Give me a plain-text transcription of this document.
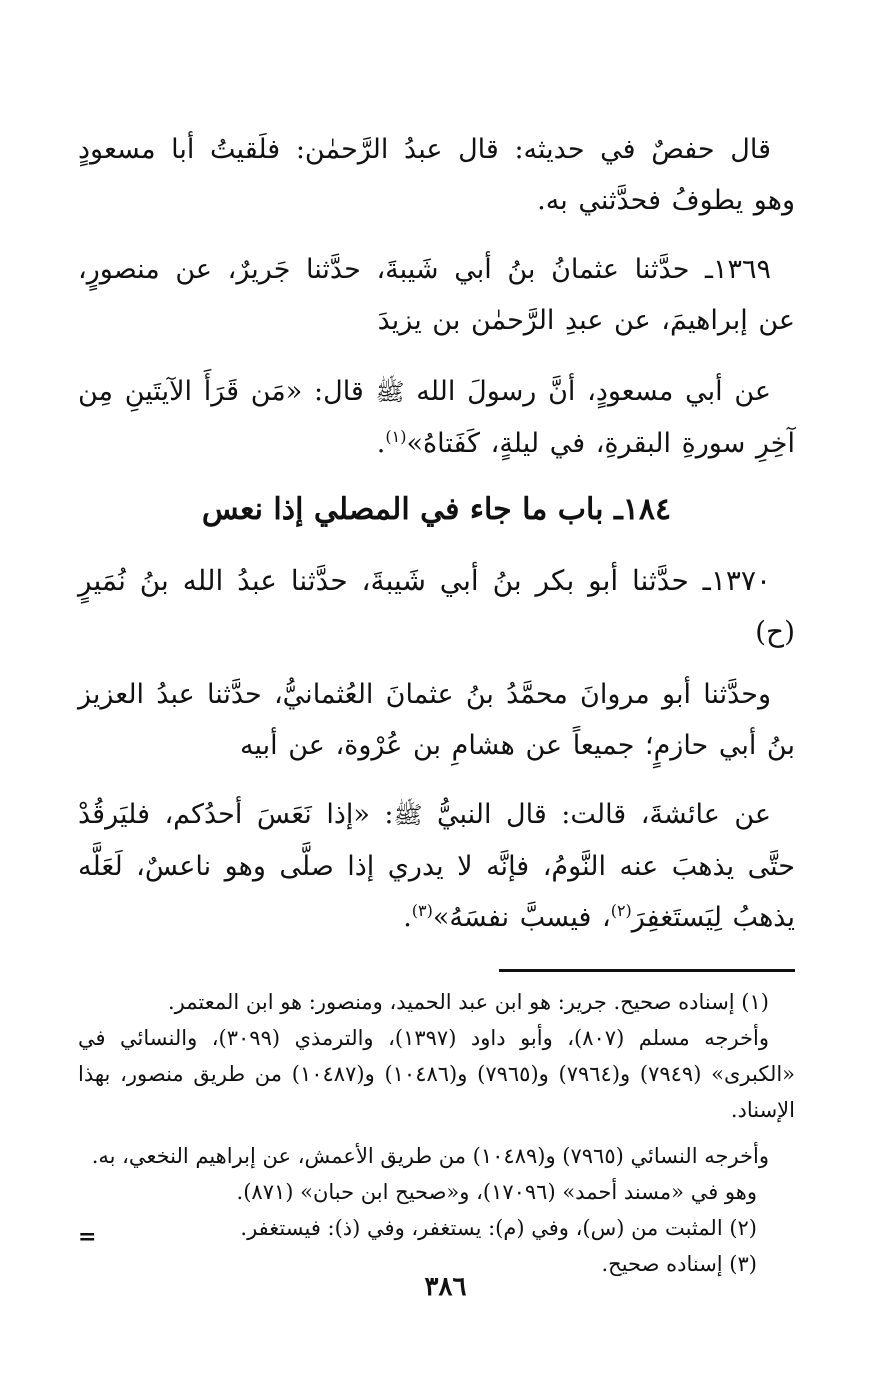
قال حفصٌ في حديثه: قال عبدُ الرَّحمٰن: فلَقيتُ أبا مسعودٍ وهو يطوفُ فحدَّثني به.

١٣٦٩ـ حدَّثنا عثمانُ بنُ أبي شَيبةَ، حدَّثنا جَريرٌ، عن منصورٍ، عن إبراهيمَ، عن عبدِ الرَّحمٰن بن يزيدَ

عن أبي مسعودٍ، أنَّ رسولَ الله ﷺ قال: «مَن قَرَأَ الآيتَينِ مِن آخِرِ سورةِ البقرةِ، في ليلةٍ، كَفَتاهُ»$^{(١)}$.

١٨٤ـ باب ما جاء في المصلي إذا نعس

١٣٧٠ـ حدَّثنا أبو بكر بنُ أبي شَيبةَ، حدَّثنا عبدُ الله بنُ نُمَيرٍ (ح)

وحدَّثنا أبو مروانَ محمَّدُ بنُ عثمانَ العُثمانيُّ، حدَّثنا عبدُ العزيز بنُ أبي حازمٍ؛ جميعاً عن هشامِ بن عُرْوة، عن أبيه

عن عائشةَ، قالت: قال النبيُّ ﷺ: «إذا نَعَسَ أحدُكم، فليَرقُدْ حتَّى يذهبَ عنه النَّومُ، فإنَّه لا يدري إذا صلَّى وهو ناعسٌ، لَعَلَّه يذهبُ لِيَستَغفِرَ$^{(٢)}$، فيسبَّ نفسَهُ»$^{(٣)}$.

(١) إسناده صحيح. جرير: هو ابن عبد الحميد، ومنصور: هو ابن المعتمر.

وأخرجه مسلم (٨٠٧)، وأبو داود (١٣٩٧)، والترمذي (٣٠٩٩)، والنسائي في «الكبرى» (٧٩٤٩) و(٧٩٦٤) و(٧٩٦٥) و(١٠٤٨٦) و(١٠٤٨٧) من طريق منصور، بهذا الإسناد.

وأخرجه النسائي (٧٩٦٥) و(١٠٤٨٩) من طريق الأعمش، عن إبراهيم النخعي، به.

وهو في «مسند أحمد» (١٧٠٩٦)، و«صحيح ابن حبان» (٨٧١).

(٢) المثبت من (س)، وفي (م): يستغفر، وفي (ذ): فيستغفر.

(٣) إسناده صحيح.

=
٣٨٦
